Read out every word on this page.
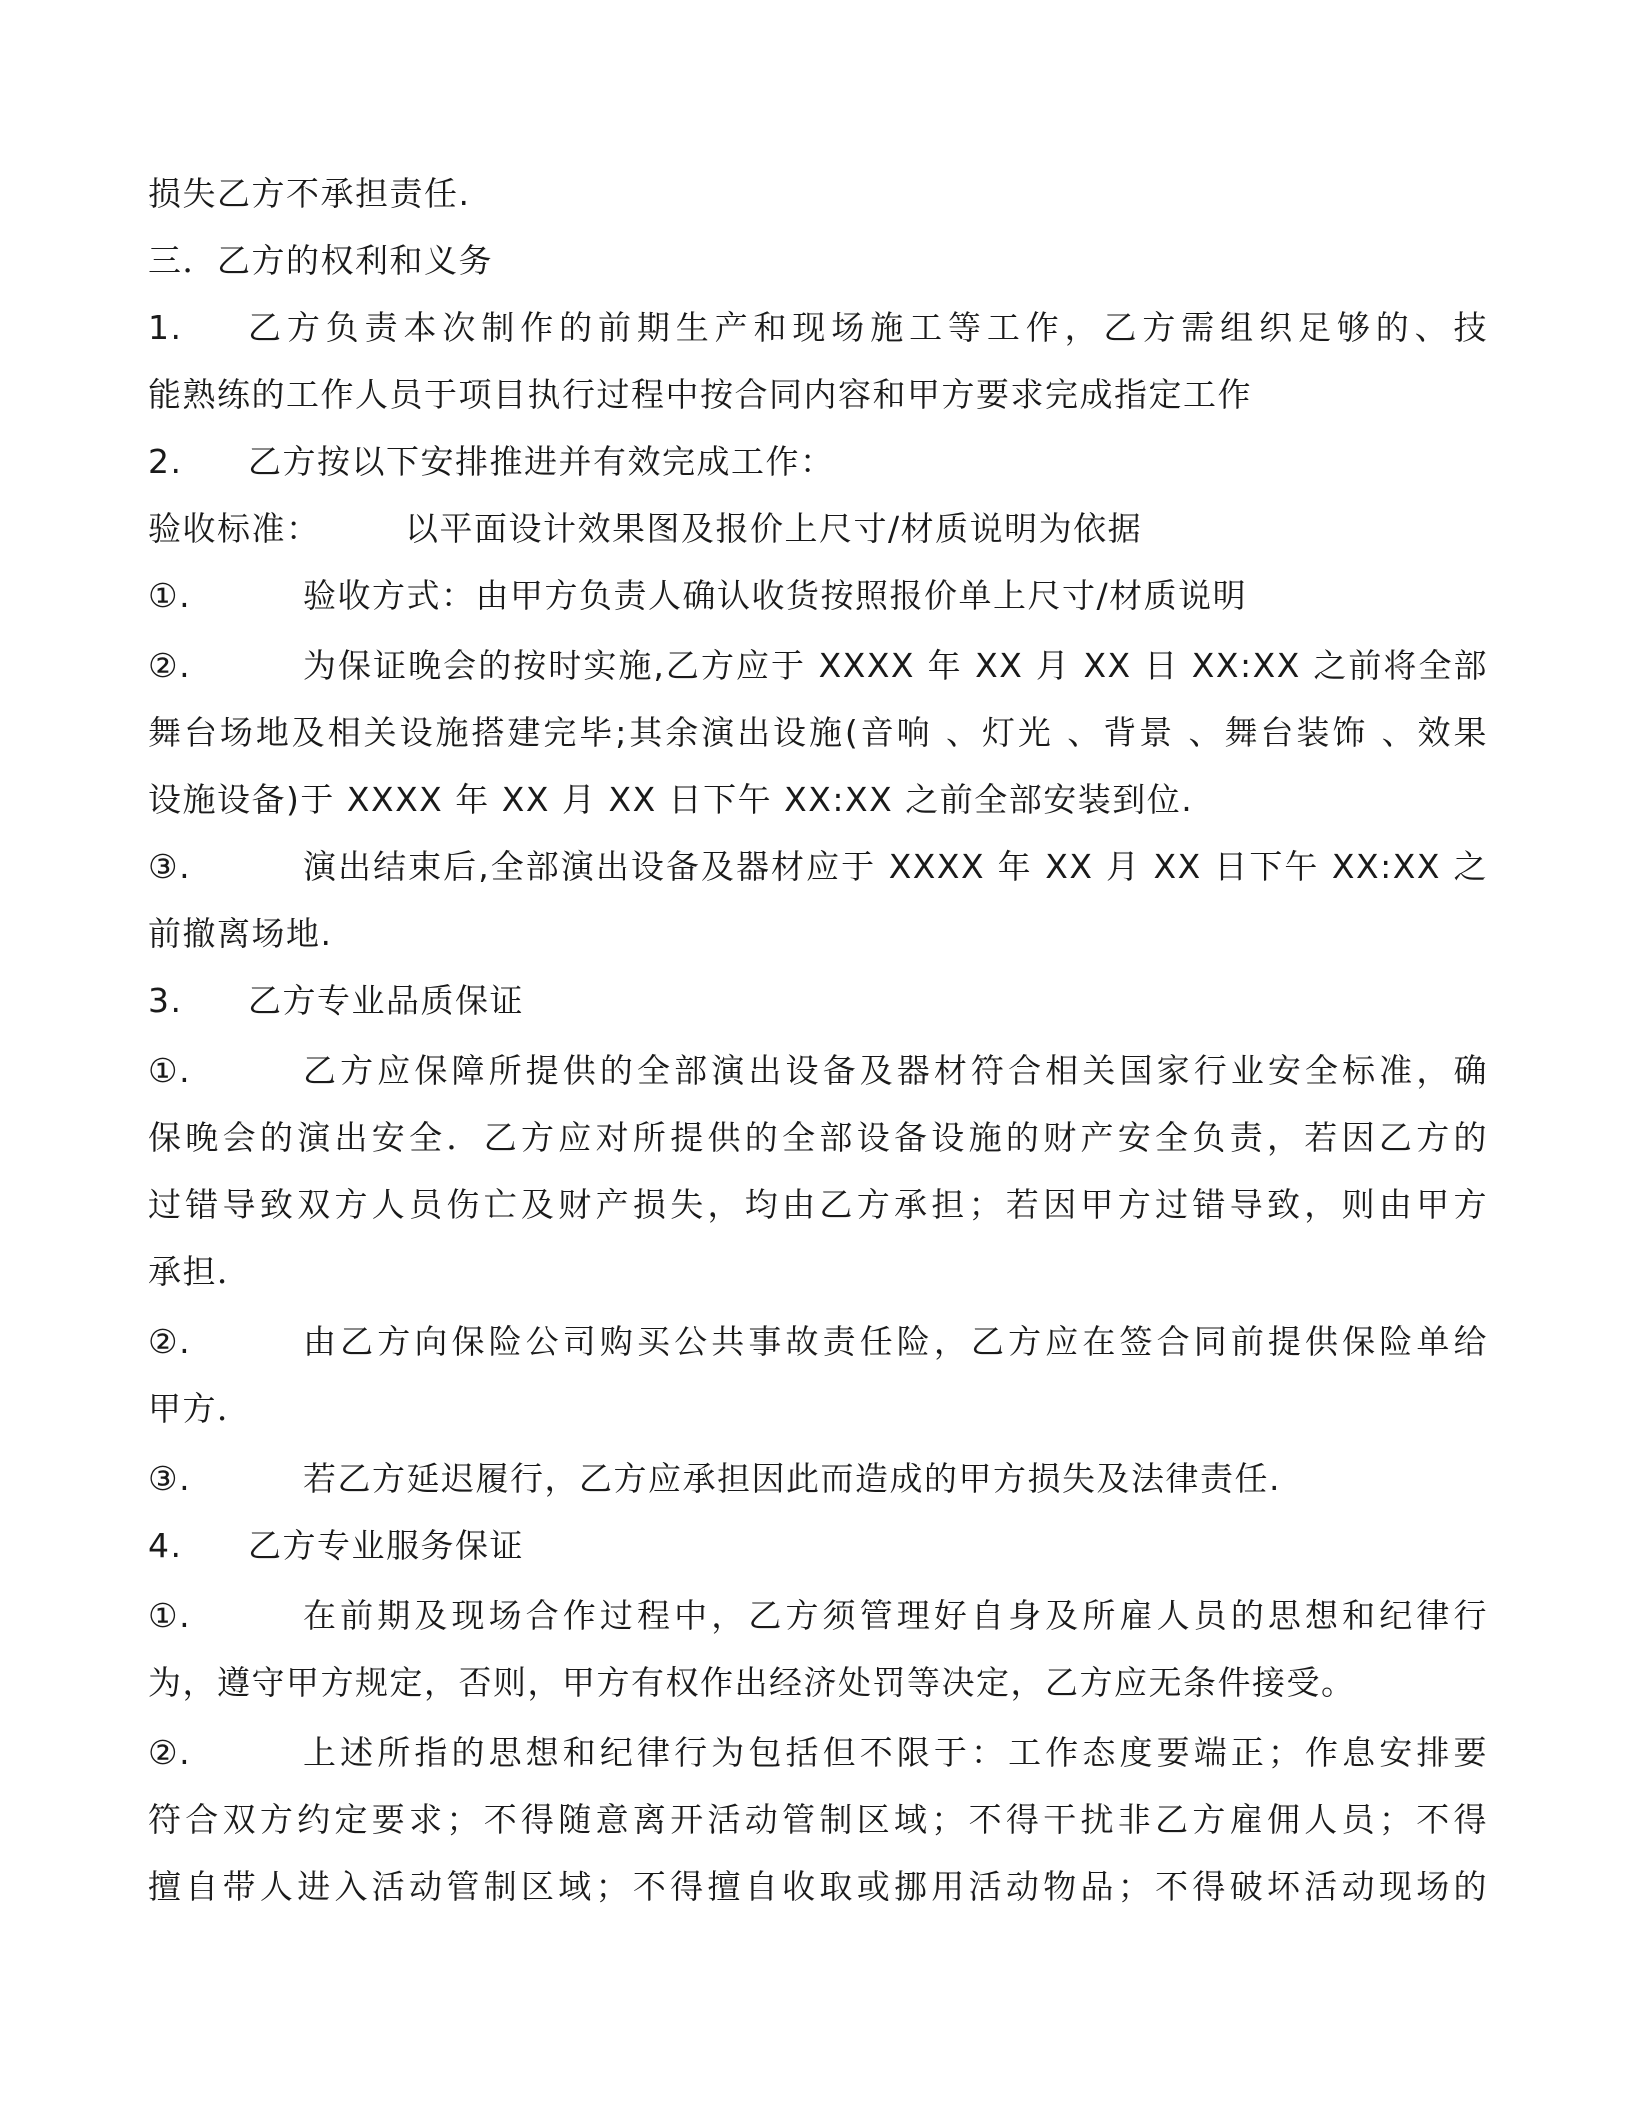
损失乙方不承担责任.
三．乙方的权利和义务
1. 乙方负责本次制作的前期生产和现场施工等工作，乙方需组织足够的、技
能熟练的工作人员于项目执行过程中按合同内容和甲方要求完成指定工作
2. 乙方按以下安排推进并有效完成工作：
验收标准：	以平面设计效果图及报价上尺寸/材质说明为依据
①.	验收方式：由甲方负责人确认收货按照报价单上尺寸/材质说明
②.	为保证晚会的按时实施,乙方应于 XXXX 年 XX 月 XX 日 XX:XX 之前将全部
舞台场地及相关设施搭建完毕;其余演出设施(音响 、灯光 、背景 、舞台装饰 、效果
设施设备)于 XXXX 年 XX 月 XX 日下午 XX:XX 之前全部安装到位.
③.	演出结束后,全部演出设备及器材应于 XXXX 年 XX 月 XX 日下午 XX:XX 之
前撤离场地.
3. 乙方专业品质保证
①.	乙方应保障所提供的全部演出设备及器材符合相关国家行业安全标准，确
保晚会的演出安全．乙方应对所提供的全部设备设施的财产安全负责，若因乙方的
过错导致双方人员伤亡及财产损失，均由乙方承担；若因甲方过错导致，则由甲方
承担．
②.	由乙方向保险公司购买公共事故责任险，乙方应在签合同前提供保险单给
甲方．
③.	若乙方延迟履行，乙方应承担因此而造成的甲方损失及法律责任.
4. 乙方专业服务保证
①.	在前期及现场合作过程中，乙方须管理好自身及所雇人员的思想和纪律行
为，遵守甲方规定，否则，甲方有权作出经济处罚等决定，乙方应无条件接受。
②.	上述所指的思想和纪律行为包括但不限于：工作态度要端正；作息安排要
符合双方约定要求；不得随意离开活动管制区域；不得干扰非乙方雇佣人员；不得
擅自带人进入活动管制区域；不得擅自收取或挪用活动物品；不得破坏活动现场的
